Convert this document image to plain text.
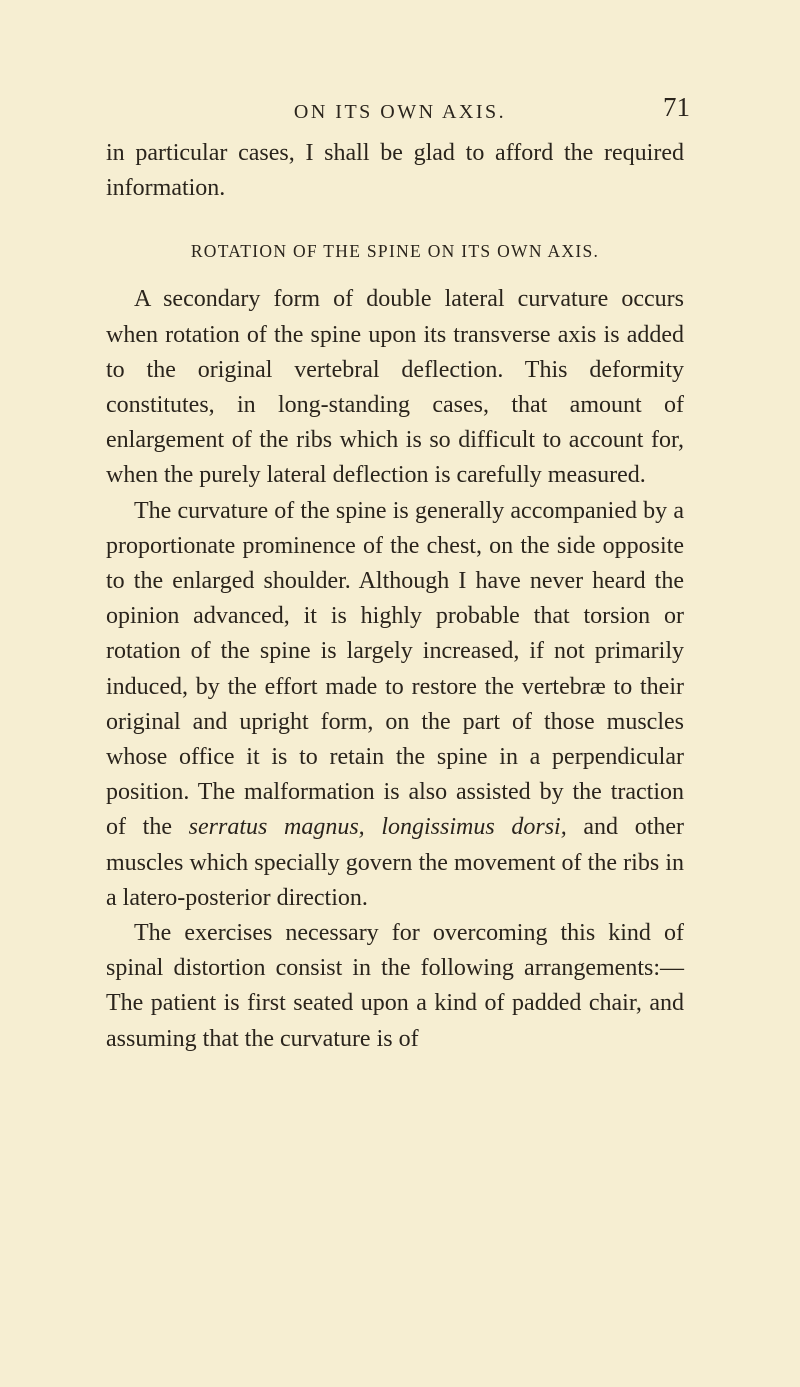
ON ITS OWN AXIS.	71

in particular cases, I shall be glad to afford the required information.

ROTATION OF THE SPINE ON ITS OWN AXIS.

A secondary form of double lateral curvature occurs when rotation of the spine upon its transverse axis is added to the original vertebral deflection. This deformity constitutes, in long-standing cases, that amount of enlargement of the ribs which is so difficult to account for, when the purely lateral deflection is carefully measured.

The curvature of the spine is generally accompanied by a proportionate prominence of the chest, on the side opposite to the enlarged shoulder. Although I have never heard the opinion advanced, it is highly probable that torsion or rotation of the spine is largely increased, if not primarily induced, by the effort made to restore the vertebræ to their original and upright form, on the part of those muscles whose office it is to retain the spine in a perpendicular position. The malformation is also assisted by the traction of the serratus magnus, longissimus dorsi, and other muscles which specially govern the movement of the ribs in a latero-posterior direction.

The exercises necessary for overcoming this kind of spinal distortion consist in the following arrangements:—The patient is first seated upon a kind of padded chair, and assuming that the curvature is of
